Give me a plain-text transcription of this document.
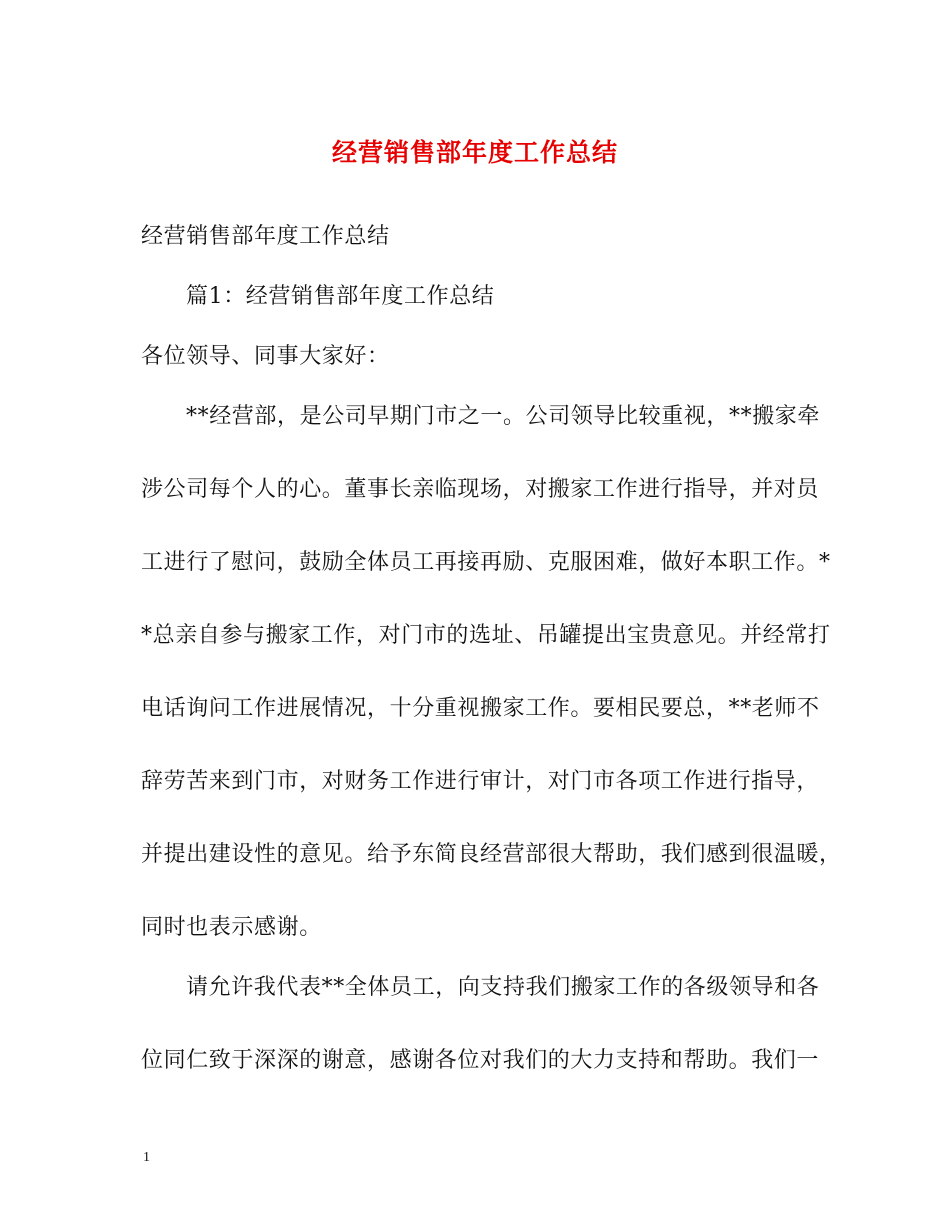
经营销售部年度工作总结
经营销售部年度工作总结
篇1：经营销售部年度工作总结
各位领导、同事大家好：
**经营部，是公司早期门市之一。公司领导比较重视，**搬家牵
涉公司每个人的心。董事长亲临现场，对搬家工作进行指导，并对员
工进行了慰问，鼓励全体员工再接再励、克服困难，做好本职工作。*
*总亲自参与搬家工作，对门市的选址、吊罐提出宝贵意见。并经常打
电话询问工作进展情况，十分重视搬家工作。要相民要总，**老师不
辞劳苦来到门市，对财务工作进行审计，对门市各项工作进行指导，
并提出建设性的意见。给予东简良经营部很大帮助，我们感到很温暖，
同时也表示感谢。
请允许我代表**全体员工，向支持我们搬家工作的各级领导和各
位同仁致于深深的谢意，感谢各位对我们的大力支持和帮助。我们一
1
